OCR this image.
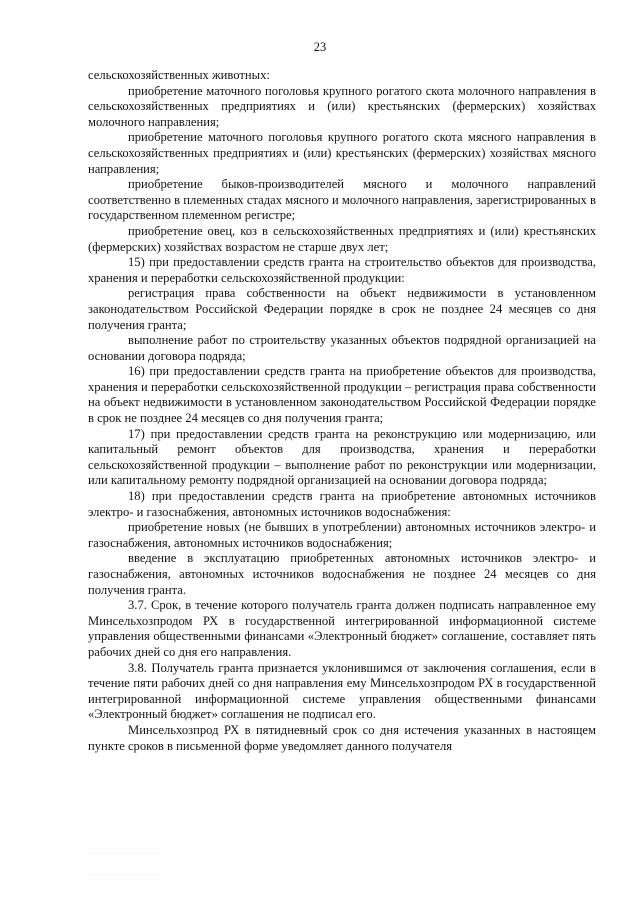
23

сельскохозяйственных животных:

приобретение маточного поголовья крупного рогатого скота молочного направления в сельскохозяйственных предприятиях и (или) крестьянских (фермерских) хозяйствах молочного направления;

приобретение маточного поголовья крупного рогатого скота мясного направления в сельскохозяйственных предприятиях и (или) крестьянских (фермерских) хозяйствах мясного направления;

приобретение быков-производителей мясного и молочного направлений соответственно в племенных стадах мясного и молочного направления, зарегистрированных в государственном племенном регистре;

приобретение овец, коз в сельскохозяйственных предприятиях и (или) крестьянских (фермерских) хозяйствах возрастом не старше двух лет;

15) при предоставлении средств гранта на строительство объектов для производства, хранения и переработки сельскохозяйственной продукции:

регистрация права собственности на объект недвижимости в установленном законодательством Российской Федерации порядке в срок не позднее 24 месяцев со дня получения гранта;

выполнение работ по строительству указанных объектов подрядной организацией на основании договора подряда;

16) при предоставлении средств гранта на приобретение объектов для производства, хранения и переработки сельскохозяйственной продукции – регистрация права собственности на объект недвижимости в установленном законодательством Российской Федерации порядке в срок не позднее 24 месяцев со дня получения гранта;

17) при предоставлении средств гранта на реконструкцию или модернизацию, или капитальный ремонт объектов для производства, хранения и переработки сельскохозяйственной продукции – выполнение работ по реконструкции или модернизации, или капитальному ремонту подрядной организацией на основании договора подряда;

18) при предоставлении средств гранта на приобретение автономных источников электро- и газоснабжения, автономных источников водоснабжения:

приобретение новых (не бывших в употреблении) автономных источников электро- и газоснабжения, автономных источников водоснабжения;

введение в эксплуатацию приобретенных автономных источников электро- и газоснабжения, автономных источников водоснабжения не позднее 24 месяцев со дня получения гранта.

3.7. Срок, в течение которого получатель гранта должен подписать направленное ему Минсельхозпродом РХ в государственной интегрированной информационной системе управления общественными финансами «Электронный бюджет» соглашение, составляет пять рабочих дней со дня его направления.

3.8. Получатель гранта признается уклонившимся от заключения соглашения, если в течение пяти рабочих дней со дня направления ему Минсельхозпродом РХ в государственной интегрированной информационной системе управления общественными финансами «Электронный бюджет» соглашения не подписал его.

Минсельхозпрод РХ в пятидневный срок со дня истечения указанных в настоящем пункте сроков в письменной форме уведомляет данного получателя
